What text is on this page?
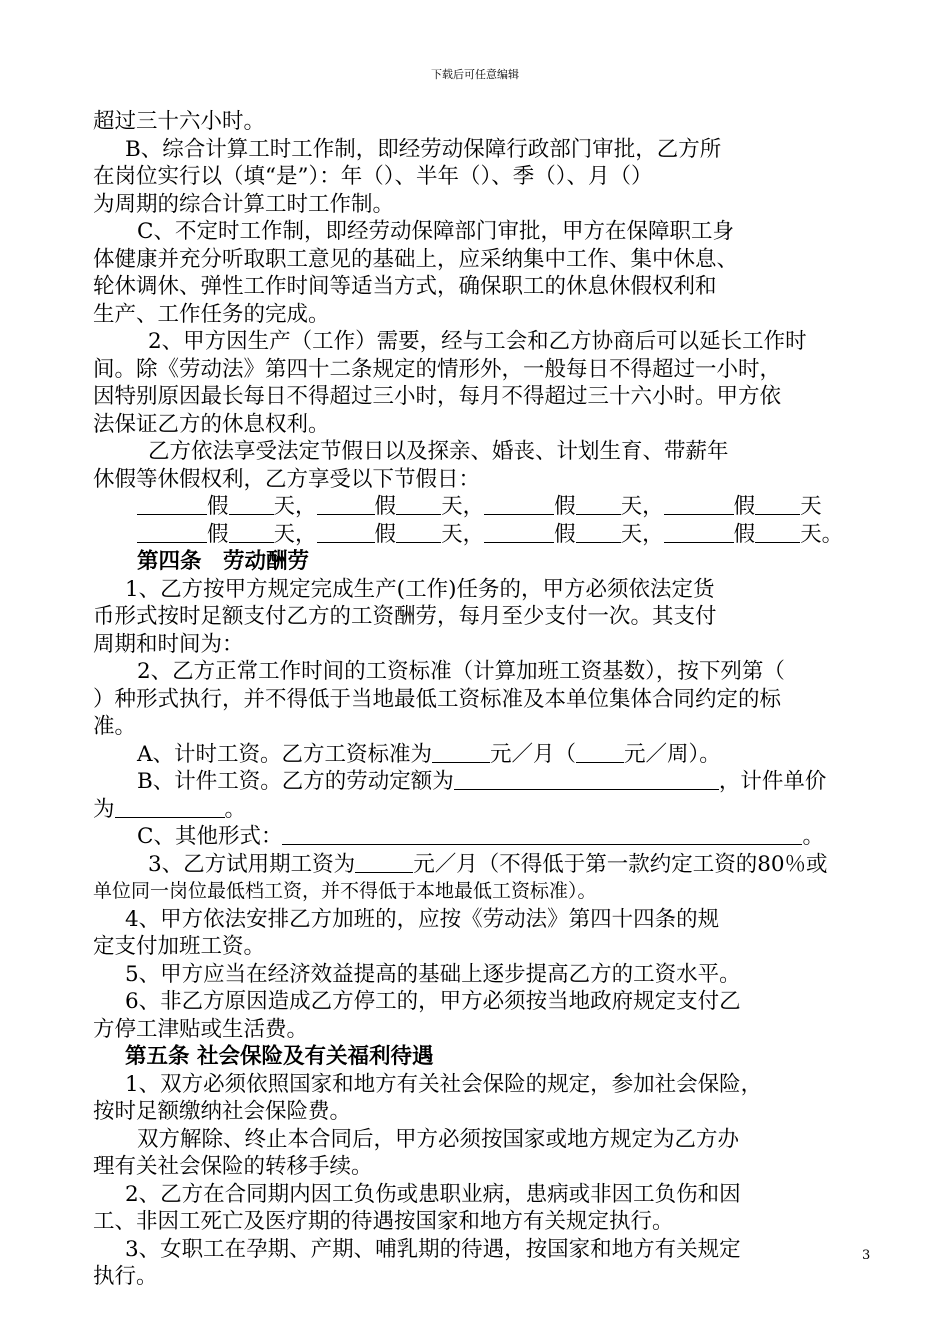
下载后可任意编辑

超过三十六小时。

B、综合计算工时工作制，即经劳动保障行政部门审批，乙方所

在岗位实行以（填“是”）：年（）、半年（）、季（）、月（）

为周期的综合计算工时工作制。

C、不定时工作制，即经劳动保障部门审批，甲方在保障职工身

体健康并充分听取职工意见的基础上，应采纳集中工作、集中休息、

轮休调休、弹性工作时间等适当方式，确保职工的休息休假权利和

生产、工作任务的完成。

2、甲方因生产（工作）需要，经与工会和乙方协商后可以延长工作时

间。除《劳动法》第四十二条规定的情形外，一般每日不得超过一小时，

因特别原因最长每日不得超过三小时，每月不得超过三十六小时。甲方依

法保证乙方的休息权利。

乙方依法享受法定节假日以及探亲、婚丧、计划生育、带薪年

休假等休假权利，乙方享受以下节假日：

假 天，	假 天，	假 天，	假 天

假 天，	假 天，	假 天，	假 天。

第四条　劳动酬劳

1、乙方按甲方规定完成生产(工作)任务的，甲方必须依法定货

币形式按时足额支付乙方的工资酬劳，每月至少支付一次。其支付

周期和时间为：

2、乙方正常工作时间的工资标准（计算加班工资基数），按下列第（

）种形式执行，并不得低于当地最低工资标准及本单位集体合同约定的标

准。

A、计时工资。乙方工资标准为	元／月（ 元／周）。

B、计件工资。乙方的劳动定额为	，计件单价

为	。

C、其他形式：	。

3、乙方试用期工资为	元／月（不得低于第一款约定工资的80％或

单位同一岗位最低档工资，并不得低于本地最低工资标准）。

4、甲方依法安排乙方加班的，应按《劳动法》第四十四条的规

定支付加班工资。

5、甲方应当在经济效益提高的基础上逐步提高乙方的工资水平。

6、非乙方原因造成乙方停工的，甲方必须按当地政府规定支付乙

方停工津贴或生活费。

第五条 社会保险及有关福利待遇

1、双方必须依照国家和地方有关社会保险的规定，参加社会保险，

按时足额缴纳社会保险费。

双方解除、终止本合同后，甲方必须按国家或地方规定为乙方办

理有关社会保险的转移手续。

2、乙方在合同期内因工负伤或患职业病，患病或非因工负伤和因

工、非因工死亡及医疗期的待遇按国家和地方有关规定执行。

3、女职工在孕期、产期、哺乳期的待遇，按国家和地方有关规定

执行。

3
